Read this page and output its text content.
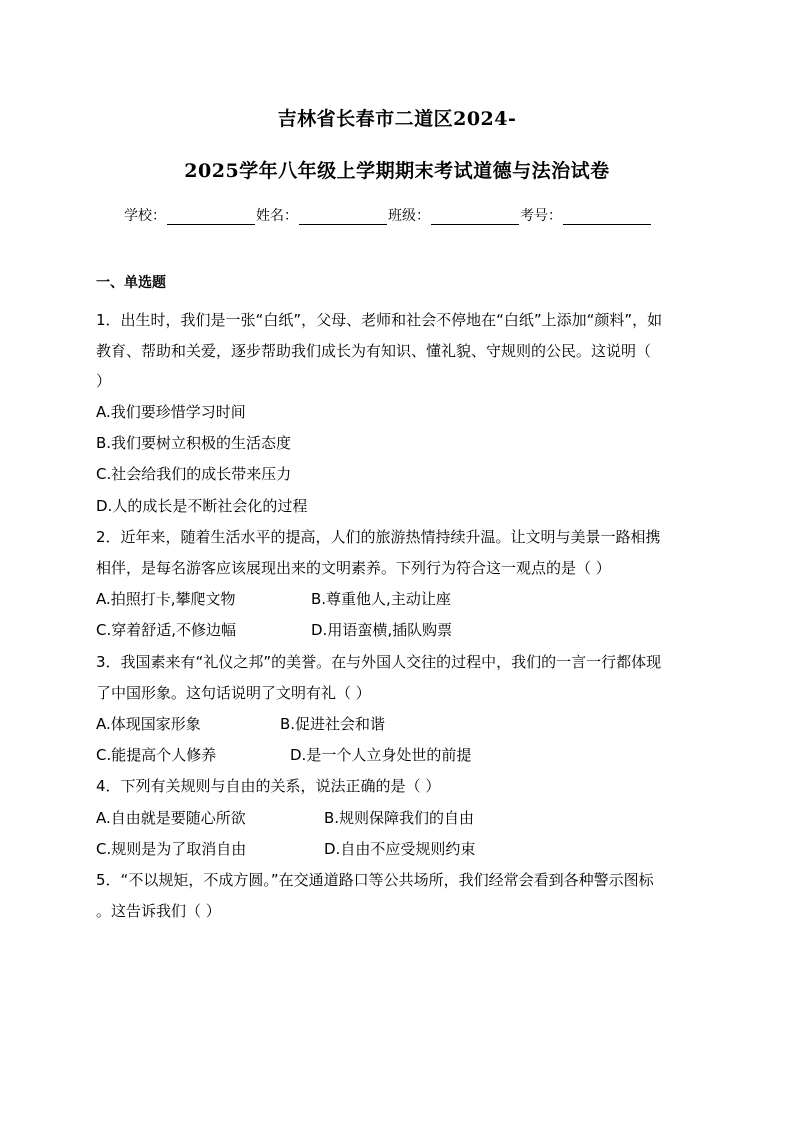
吉林省长春市二道区2024-
2025学年八年级上学期期末考试道德与法治试卷
学校：	姓名：	班级：	考号：
一、单选题
1．出生时，我们是一张“白纸”，父母、老师和社会不停地在“白纸”上添加“颜料”，如
教育、帮助和关爱，逐步帮助我们成长为有知识、懂礼貌、守规则的公民。这说明（
）
A.我们要珍惜学习时间
B.我们要树立积极的生活态度
C.社会给我们的成长带来压力
D.人的成长是不断社会化的过程
2．近年来，随着生活水平的提高，人们的旅游热情持续升温。让文明与美景一路相携
相伴，是每名游客应该展现出来的文明素养。下列行为符合这一观点的是（ ）
A.拍照打卡,攀爬文物	B.尊重他人,主动让座
C.穿着舒适,不修边幅	D.用语蛮横,插队购票
3．我国素来有“礼仪之邦”的美誉。在与外国人交往的过程中，我们的一言一行都体现
了中国形象。这句话说明了文明有礼（ ）
A.体现国家形象	B.促进社会和谐
C.能提高个人修养	D.是一个人立身处世的前提
4．下列有关规则与自由的关系，说法正确的是（ ）
A.自由就是要随心所欲	B.规则保障我们的自由
C.规则是为了取消自由	D.自由不应受规则约束
5．“不以规矩，不成方圆。”在交通道路口等公共场所，我们经常会看到各种警示图标
。这告诉我们（ ）
